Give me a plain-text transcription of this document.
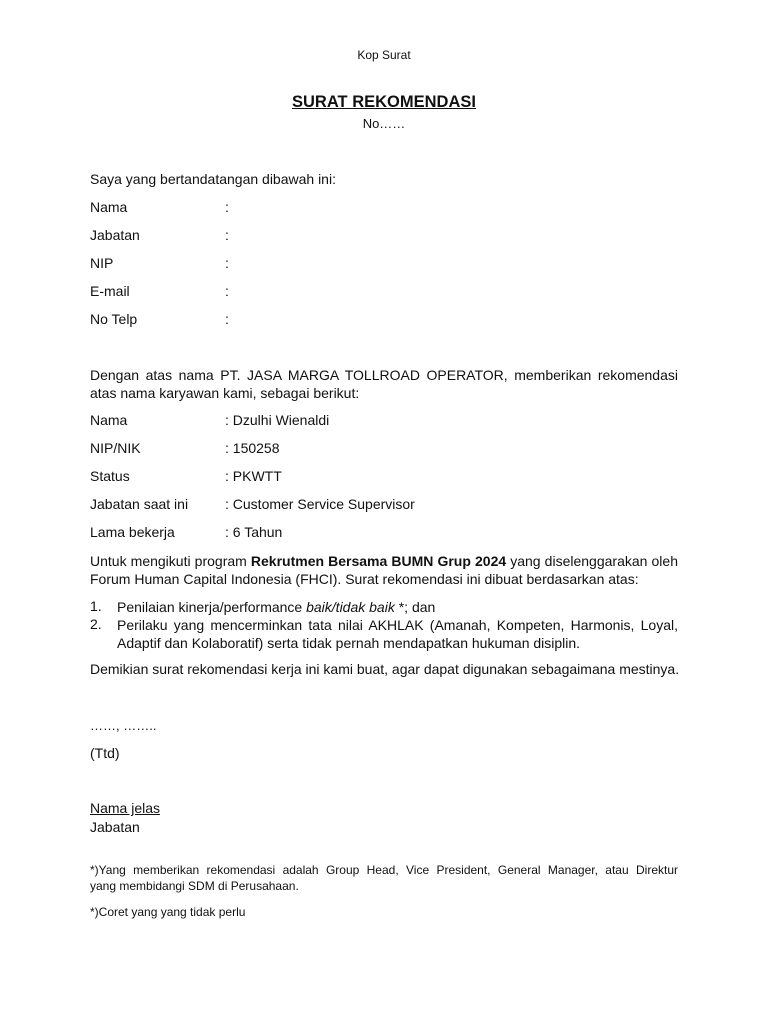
Kop Surat
SURAT REKOMENDASI
No……
Saya yang bertandatangan dibawah ini:
Nama	:
Jabatan	:
NIP	:
E-mail	:
No Telp	:
Dengan atas nama PT. JASA MARGA TOLLROAD OPERATOR, memberikan rekomendasi
atas nama karyawan kami, sebagai berikut:
Nama	: Dzulhi Wienaldi
NIP/NIK	: 150258
Status	: PKWTT
Jabatan saat ini	: Customer Service Supervisor
Lama bekerja	: 6 Tahun
Untuk mengikuti program Rekrutmen Bersama BUMN Grup 2024 yang diselenggarakan oleh
Forum Human Capital Indonesia (FHCI). Surat rekomendasi ini dibuat berdasarkan atas:
1. Penilaian kinerja/performance baik/tidak baik *; dan
2. Perilaku yang mencerminkan tata nilai AKHLAK (Amanah, Kompeten, Harmonis, Loyal,
Adaptif dan Kolaboratif) serta tidak pernah mendapatkan hukuman disiplin.
Demikian surat rekomendasi kerja ini kami buat, agar dapat digunakan sebagaimana mestinya.
……, ……..
(Ttd)
Nama jelas
Jabatan
*)Yang memberikan rekomendasi adalah Group Head, Vice President, General Manager, atau Direktur
yang membidangi SDM di Perusahaan.
*)Coret yang yang tidak perlu
